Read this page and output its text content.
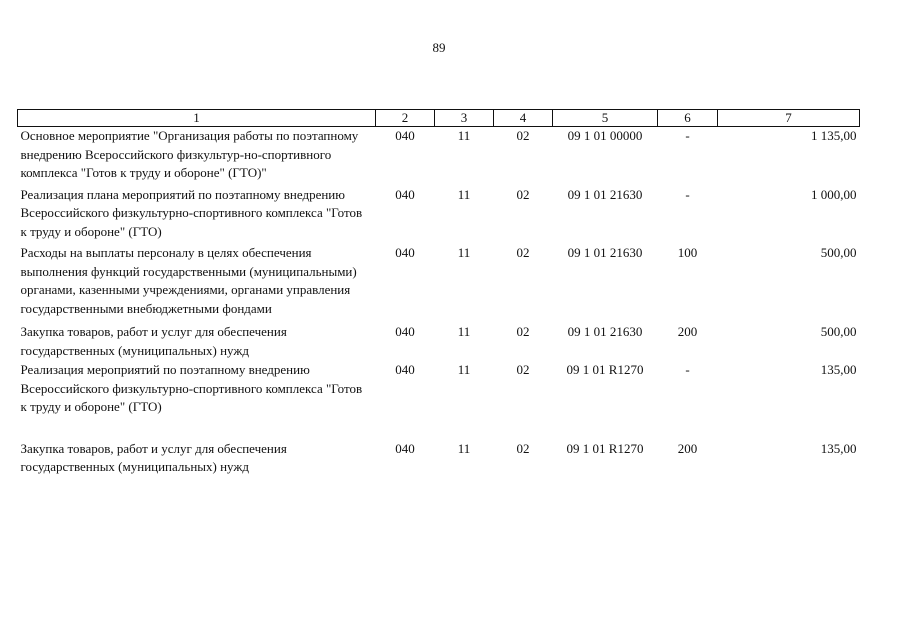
89
1	2	3	4	5	6	7
Основное мероприятие "Организация работы по поэтапному внедрению Всероссийского физкультур-но-спортивного комплекса "Готов к труду и обороне" (ГТО)"	040	11	02	09 1 01 00000	-	1 135,00
Реализация плана мероприятий по поэтапному внедрению Всероссийского физкультурно-спортивного комплекса "Готов к труду и обороне" (ГТО)	040	11	02	09 1 01 21630	-	1 000,00
Расходы на выплаты персоналу в целях обеспечения выполнения функций государственными (муниципальными) органами, казенными учреждениями, органами управления государственными внебюджетными фондами	040	11	02	09 1 01 21630	100	500,00
Закупка товаров, работ и услуг для обеспечения государственных (муниципальных) нужд	040	11	02	09 1 01 21630	200	500,00
Реализация мероприятий по поэтапному внедрению Всероссийского физкультурно-спортивного комплекса "Готов к труду и обороне" (ГТО)	040	11	02	09 1 01 R1270	-	135,00
Закупка товаров, работ и услуг для обеспечения государственных (муниципальных) нужд	040	11	02	09 1 01 R1270	200	135,00
